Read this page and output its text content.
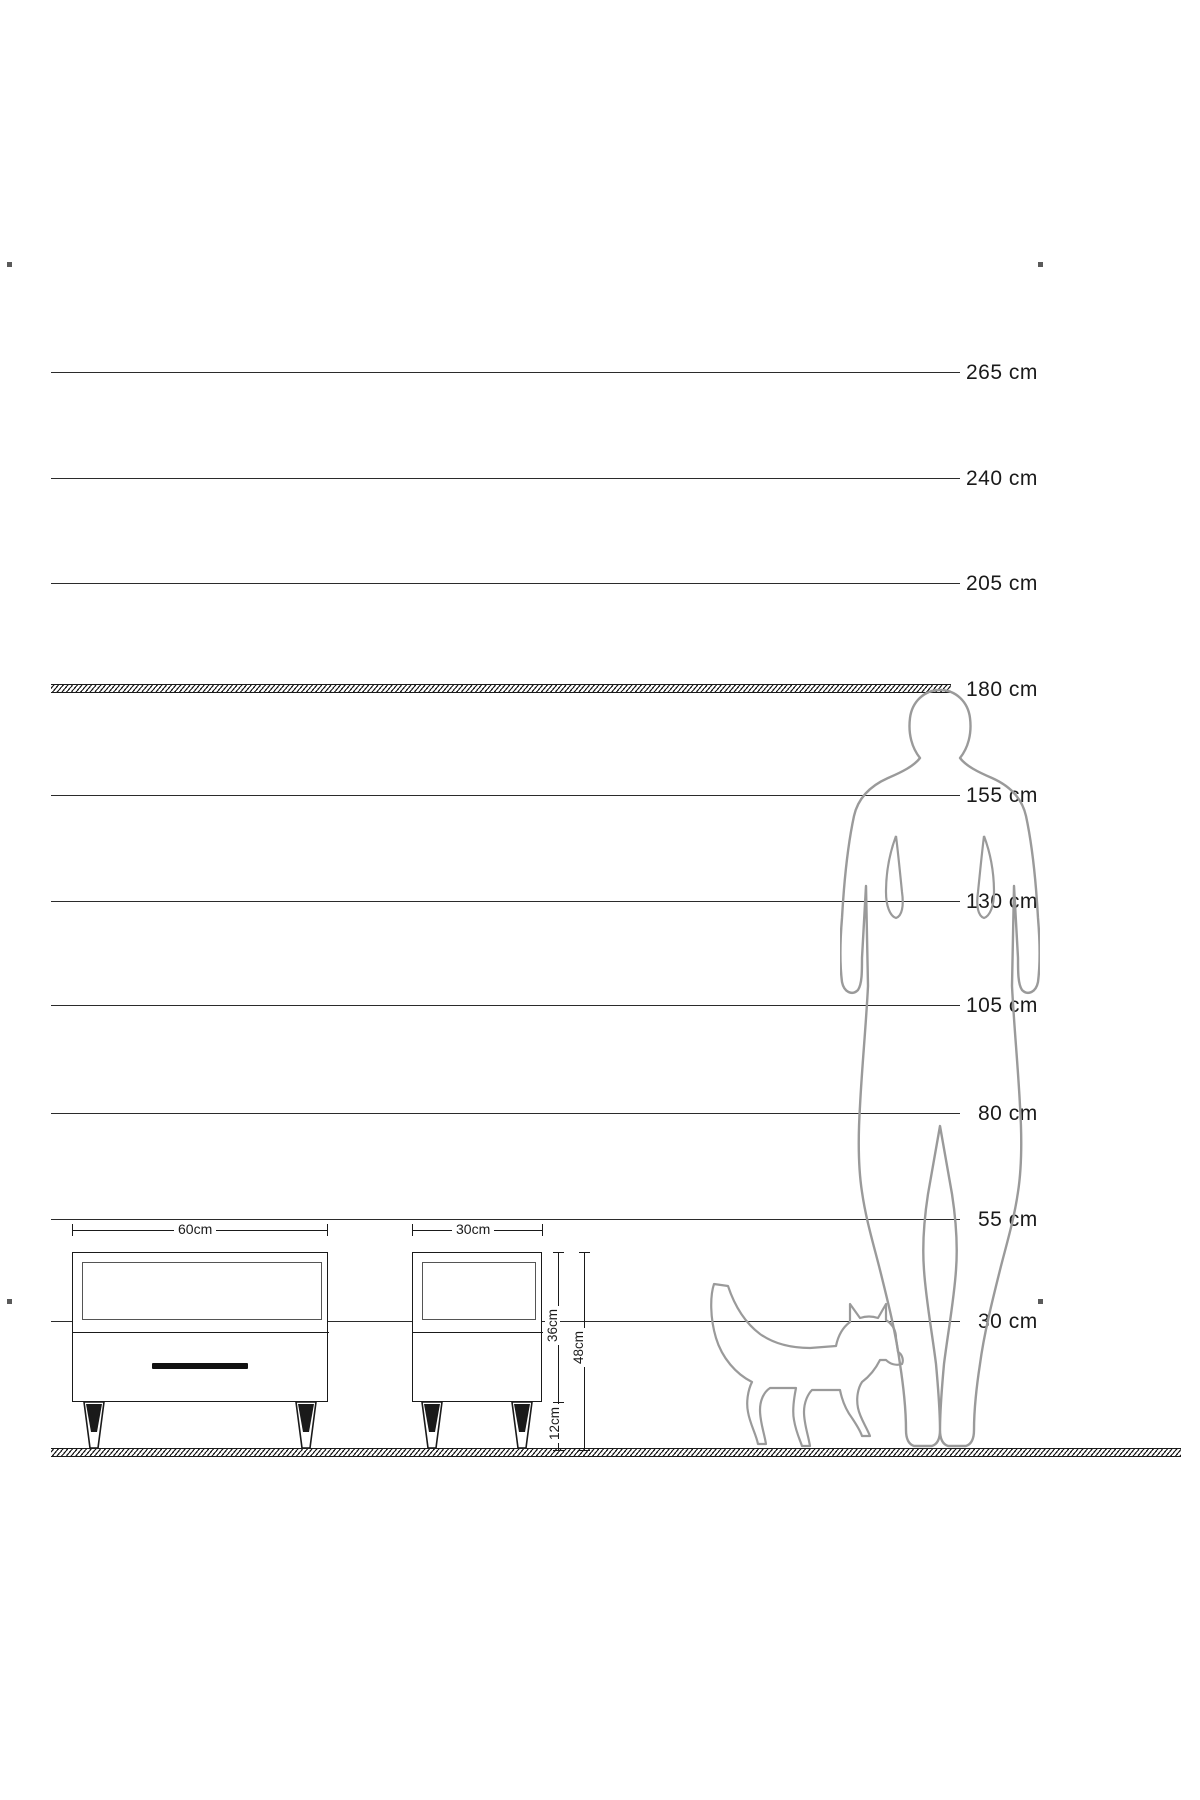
265 cm
240 cm
205 cm
180 cm
155 cm
130 cm
105 cm
80 cm
55 cm
30 cm
60cm	30cm
36cm
48cm
12cm
